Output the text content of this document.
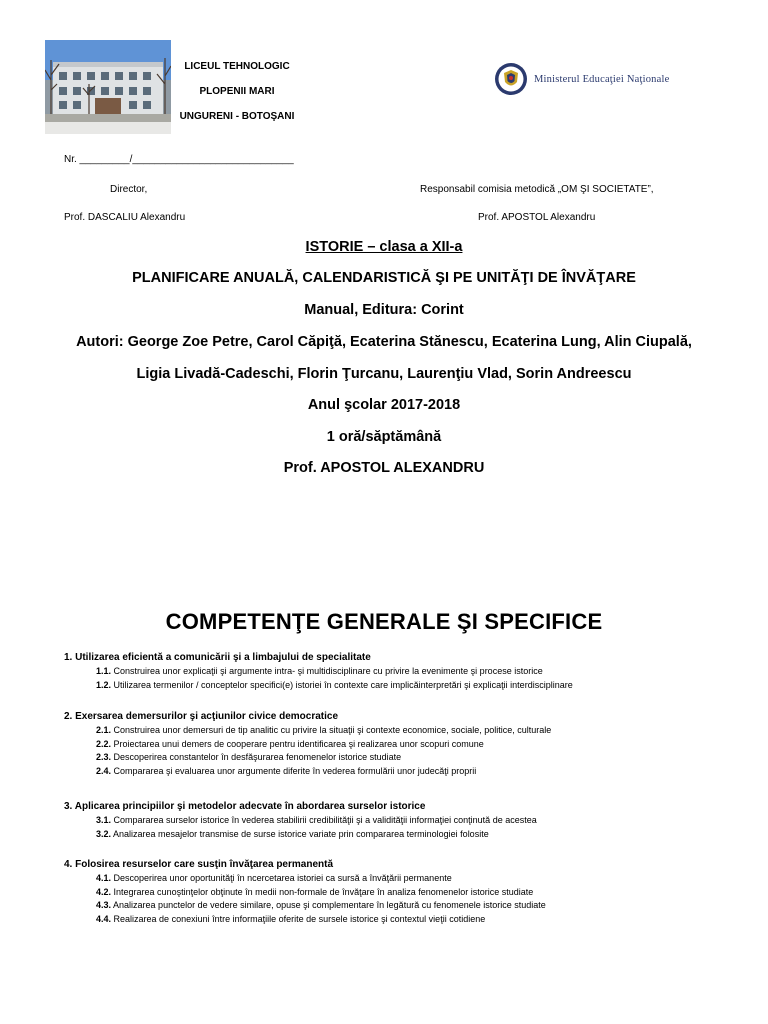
LICEUL TEHNOLOGIC
PLOPENII MARI
UNGURENI - BOTOŞANI
Ministerul Educaţiei Naţionale
Nr. _________/_____________________________
Director,	Responsabil comisia metodică „OM ŞI SOCIETATE”,
Prof. DASCALIU Alexandru	Prof. APOSTOL Alexandru
ISTORIE – clasa a XII-a
PLANIFICARE ANUALĂ, CALENDARISTICĂ ŞI PE UNITĂŢI DE ÎNVĂŢARE
Manual, Editura: Corint
Autori: George Zoe Petre, Carol Căpiţă, Ecaterina Stănescu, Ecaterina Lung, Alin Ciupală,
Ligia Livadă-Cadeschi, Florin Ţurcanu, Laurenţiu Vlad, Sorin Andreescu
Anul şcolar 2017-2018
1 oră/săptămână
Prof. APOSTOL ALEXANDRU
COMPETENŢE GENERALE ŞI SPECIFICE
1. Utilizarea eficientă a comunicării şi a limbajului de specialitate
1.1. Construirea unor explicaţii şi argumente intra- şi multidisciplinare cu privire la evenimente şi procese istorice
1.2. Utilizarea termenilor / conceptelor specifici(e) istoriei în contexte care implicăinterpretări şi explicaţii interdisciplinare
2. Exersarea demersurilor şi acţiunilor civice democratice
2.1. Construirea unor demersuri de tip analitic cu privire la situaţii şi contexte economice, sociale, politice, culturale
2.2. Proiectarea unui demers de cooperare pentru identificarea şi realizarea unor scopuri comune
2.3. Descoperirea constantelor în desfăşurarea fenomenelor istorice studiate
2.4. Compararea şi evaluarea unor argumente diferite în vederea formulării unor judecăţi proprii
3. Aplicarea principiilor şi metodelor adecvate în abordarea surselor istorice
3.1. Compararea surselor istorice în vederea stabilirii credibilităţii şi a validităţii informaţiei conţinută de acestea
3.2. Analizarea mesajelor transmise de surse istorice variate prin compararea terminologiei folosite
4. Folosirea resurselor care susţin învăţarea permanentă
4.1. Descoperirea unor oportunităţi în ncercetarea istoriei ca sursă a învăţării permanente
4.2. Integrarea cunoştinţelor obţinute în medii non-formale de învăţare în analiza fenomenelor istorice studiate
4.3. Analizarea punctelor de vedere similare, opuse şi complementare în legătură cu fenomenele istorice studiate
4.4. Realizarea de conexiuni între informaţiile oferite de sursele istorice şi contextul vieţii cotidiene
